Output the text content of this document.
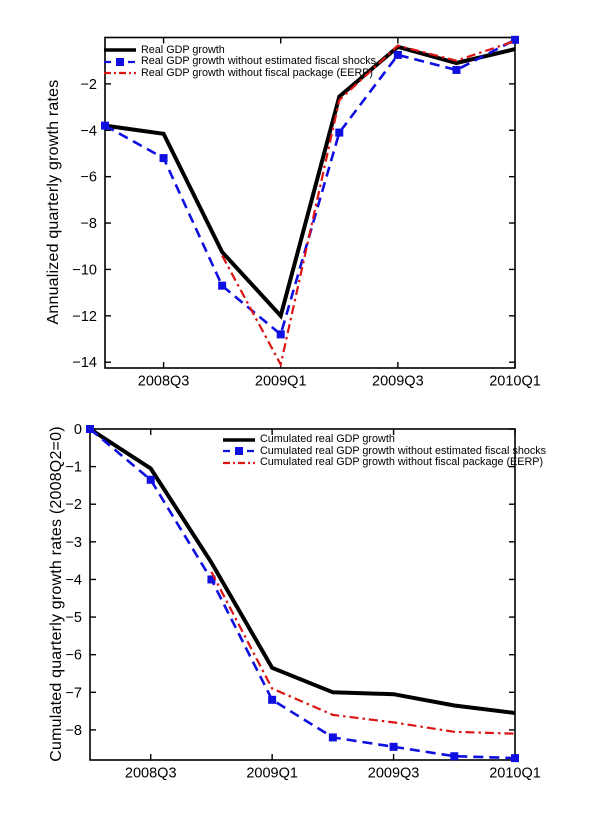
2008Q3	2009Q1	2009Q3	2010Q1
−2
−4
−6
−8
−10
−12
−14
Real GDP growth
Real GDP growth without estimated fiscal shocks
Real GDP growth without fiscal package (EERP)
Annualized quarterly growth rates
2008Q3	2009Q1	2009Q3	2010Q1
0
−1
−2
−3
−4
−5
−6
−7
−8
Cumulated real GDP growth
Cumulated real GDP growth without estimated fiscal shocks
Cumulated real GDP growth without fiscal package (EERP)
Cumulated quarterly growth rates (2008Q2=0)
